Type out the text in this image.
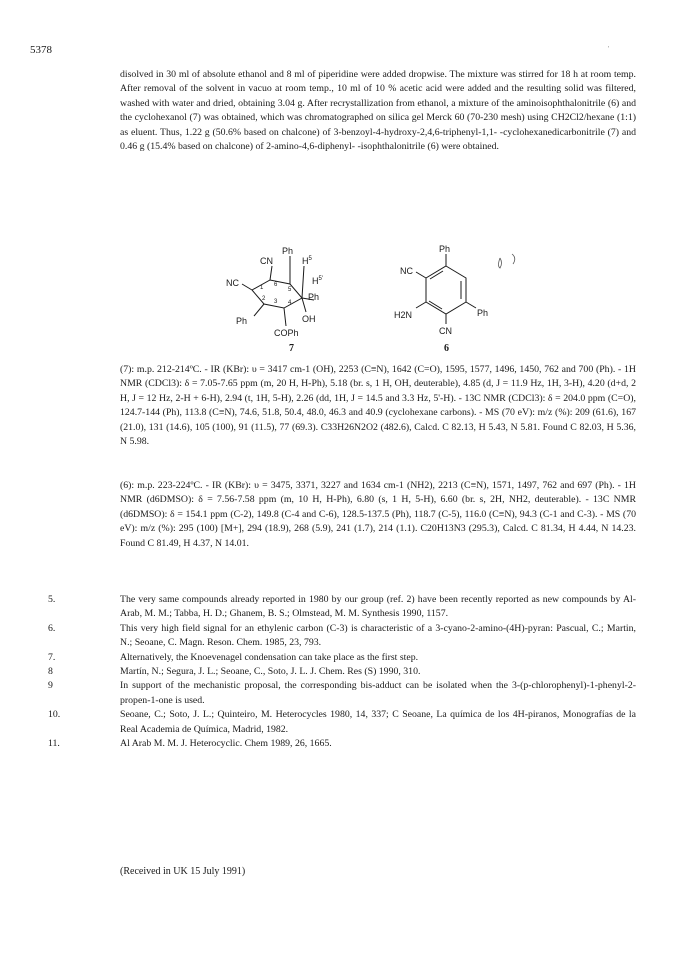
5378	'

disolved in 30 ml of absolute ethanol and 8 ml of piperidine were added dropwise. The mixture was stirred for 18 h at room temp. After removal of the solvent in vacuo at room temp., 10 ml of 10 % acetic acid were added and the resulting solid was filtered, washed with water and dried, obtaining 3.04 g. After recrystallization from ethanol, a mixture of the aminoisophthalonitrile (6) and the cyclohexanol (7) was obtained, which was chromatographed on silica gel Merck 60 (70-230 mesh) using CH2Cl2/hexane (1:1) as eluent. Thus, 1.22 g (50.6% based on chalcone) of 3-benzoyl-4-hydroxy-2,4,6-triphenyl-1,1- -cyclohexanedicarbonitrile (7) and 0.46 g (15.4% based on chalcone) of 2-amino-4,6-diphenyl- -isophthalonitrile (6) were obtained.

Ph
CN
NC
$H^5$
$H^{5'}$
1 6
5
2 3 4
Ph
Ph	OH
COPh
Ph
NC
H2N	Ph
CN
7	6

(7): m.p. 212-214ºC. - IR (KBr): υ = 3417 cm-1 (OH), 2253 (C≡N), 1642 (C=O), 1595, 1577, 1496, 1450, 762 and 700 (Ph). - 1H NMR (CDCl3): δ = 7.05-7.65 ppm (m, 20 H, H-Ph), 5.18 (br. s, 1 H, OH, deuterable), 4.85 (d, J = 11.9 Hz, 1H, 3-H), 4.20 (d+d, 2 H, J = 12 Hz, 2-H + 6-H), 2.94 (t, 1H, 5-H), 2.26 (dd, 1H, J = 14.5 and 3.3 Hz, 5'-H). - 13C NMR (CDCl3): δ = 204.0 ppm (C=O), 124.7-144 (Ph), 113.8 (C≡N), 74.6, 51.8, 50.4, 48.0, 46.3 and 40.9 (cyclohexane carbons). - MS (70 eV): m/z (%): 209 (61.6), 167 (21.0), 131 (14.6), 105 (100), 91 (11.5), 77 (69.3). C33H26N2O2 (482.6), Calcd. C 82.13, H 5.43, N 5.81. Found C 82.03, H 5.36, N 5.98.

(6): m.p. 223-224ºC. - IR (KBr): υ = 3475, 3371, 3227 and 1634 cm-1 (NH2), 2213 (C≡N), 1571, 1497, 762 and 697 (Ph). - 1H NMR (d6DMSO): δ = 7.56-7.58 ppm (m, 10 H, H-Ph), 6.80 (s, 1 H, 5-H), 6.60 (br. s, 2H, NH2, deuterable). - 13C NMR (d6DMSO): δ = 154.1 ppm (C-2), 149.8 (C-4 and C-6), 128.5-137.5 (Ph), 118.7 (C-5), 116.0 (C≡N), 94.3 (C-1 and C-3). - MS (70 eV): m/z (%): 295 (100) [M+], 294 (18.9), 268 (5.9), 241 (1.7), 214 (1.1). C20H13N3 (295.3), Calcd. C 81.34, H 4.44, N 14.23. Found C 81.49, H 4.37, N 14.01.

5.	The very same compounds already reported in 1980 by our group (ref. 2) have been recently reported as new compounds by Al-Arab, M. M.; Tabba, H. D.; Ghanem, B. S.; Olmstead, M. M. Synthesis 1990, 1157.
6.	This very high field signal for an ethylenic carbon (C-3) is characteristic of a 3-cyano-2-amino-(4H)-pyran: Pascual, C.; Martin, N.; Seoane, C. Magn. Reson. Chem. 1985, 23, 793.
7.	Alternatively, the Knoevenagel condensation can take place as the first step.
8	Martín, N.; Segura, J. L.; Seoane, C., Soto, J. L. J. Chem. Res (S) 1990, 310.
9	In support of the mechanistic proposal, the corresponding bis-adduct can be isolated when the 3-(p-chlorophenyl)-1-phenyl-2-propen-1-one is used.
10.	Seoane, C.; Soto, J. L.; Quinteiro, M. Heterocycles 1980, 14, 337; C Seoane, La química de los 4H-piranos, Monografías de la Real Academia de Química, Madrid, 1982.
11.	Al Arab M. M. J. Heterocyclic. Chem 1989, 26, 1665.
(Received in UK 15 July 1991)
